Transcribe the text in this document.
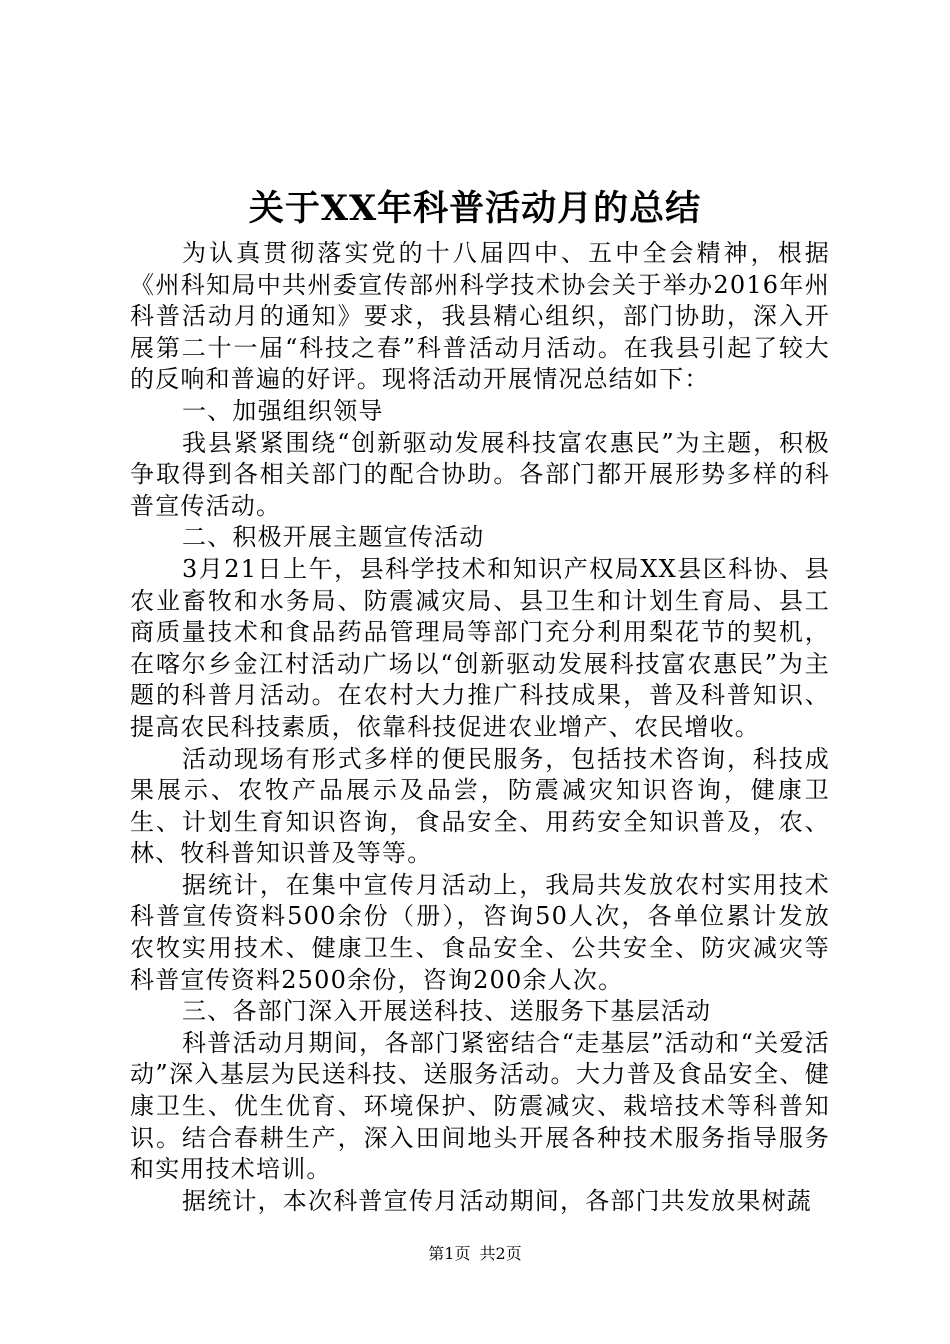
关于XX年科普活动月的总结

为认真贯彻落实党的十八届四中、五中全会精神，根据《州科知局中共州委宣传部州科学技术协会关于举办2016年州科普活动月的通知》要求，我县精心组织，部门协助，深入开展第二十一届“科技之春”科普活动月活动。在我县引起了较大的反响和普遍的好评。现将活动开展情况总结如下：

一、加强组织领导

我县紧紧围绕“创新驱动发展科技富农惠民”为主题，积极争取得到各相关部门的配合协助。各部门都开展形势多样的科普宣传活动。

二、积极开展主题宣传活动

3月21日上午，县科学技术和知识产权局XX县区科协、县农业畜牧和水务局、防震减灾局、县卫生和计划生育局、县工商质量技术和食品药品管理局等部门充分利用梨花节的契机，在喀尔乡金江村活动广场以“创新驱动发展科技富农惠民”为主题的科普月活动。在农村大力推广科技成果，普及科普知识、提高农民科技素质，依靠科技促进农业增产、农民增收。

活动现场有形式多样的便民服务，包括技术咨询，科技成果展示、农牧产品展示及品尝，防震减灾知识咨询，健康卫生、计划生育知识咨询，食品安全、用药安全知识普及，农、林、牧科普知识普及等等。

据统计，在集中宣传月活动上，我局共发放农村实用技术科普宣传资料500余份（册），咨询50人次，各单位累计发放农牧实用技术、健康卫生、食品安全、公共安全、防灾减灾等科普宣传资料2500余份，咨询200余人次。

三、各部门深入开展送科技、送服务下基层活动

科普活动月期间，各部门紧密结合“走基层”活动和“关爱活动”深入基层为民送科技、送服务活动。大力普及食品安全、健康卫生、优生优育、环境保护、防震减灾、栽培技术等科普知识。结合春耕生产，深入田间地头开展各种技术服务指导服务和实用技术培训。

据统计，本次科普宣传月活动期间，各部门共发放果树蔬

第1页 共2页
